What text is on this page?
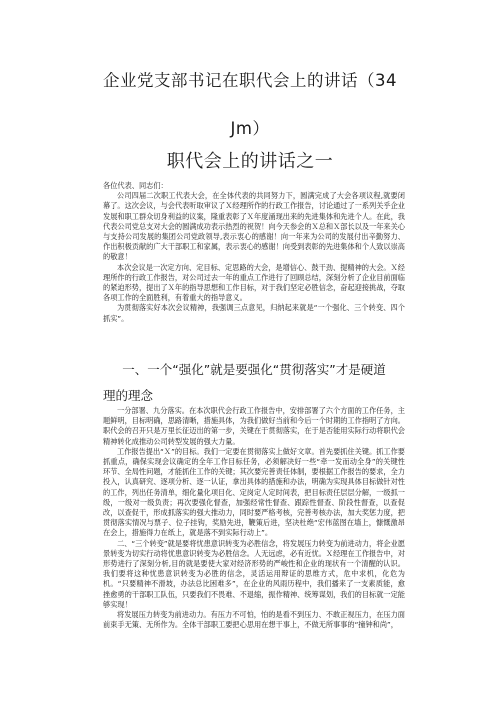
企业党支部书记在职代会上的讲话（34
Jm）
职代会上的讲话之一

各位代表、同志们：

公司四届二次职工代表大会，在全体代表的共同努力下，圆满完成了大会各项议程,就要闭幕了。这次会议，与会代表听取审议了Ｘ经理所作的行政工作报告，讨论通过了一系列关乎企业发展和职工群众切身利益的议案，隆重表彰了Ｘ年度涌现出来的先进集体和先进个人。在此，我代表公司党总支对大会的圆满成功表示热烈的祝贺！向今天参会的Ｘ总和Ｘ部长以及一年来关心与支持公司发展的集团公司党政领导,表示衷心的感谢！向一年来为公司的发展付出辛勤努力、作出积极贡献的广大干部职工和家属，表示衷心的感谢！向受到表彰的先进集体和个人致以崇高的敬意！

本次会议是一次定方向、定目标、定思路的大会，是增信心、鼓干劲、提精神的大会。Ｘ经理所作的行政工作报告，对公司过去一年的重点工作进行了回顾总结，深刻分析了企业目前面临的紧迫形势，提出了Ｘ年的指导思想和工作目标，对于我们坚定必胜信念，奋起迎接挑战，夺取各项工作的全面胜利，有着重大的指导意义。

为贯彻落实好本次会议精神，我强调三点意见，归纳起来就是“一个强化、三个转变、四个抓实”。

一、一个“强化”就是要强化“贯彻落实”才是硬道
理的理念

一分部署、九分落实。在本次职代会行政工作报告中，安排部署了六个方面的工作任务，主题鲜明，目标明确，思路清晰，措施具体，为我们做好当前和今后一个时期的工作指明了方向。职代会的召开只是万里长征迈出的第一步，关键在于贯彻落实，在于是否能用实际行动将职代会精神转化成推动公司转型发展的强大力量。

工作报告提出“Ｘ”的目标。我们一定要在贯彻落实上做好文章。首先要抓住关键。抓工作要抓重点，确保实现会议确定的全年工作目标任务，必须解决好一些“牵一发而动全身”的关键性环节、全局性问题，才能抓住工作的关键；其次要完善责任体制，要根据工作报告的要求，全力投入，认真研究、逐项分析、逐一认证，拿出具体的措施和办法，明确为实现具体目标做针对性的工作，列出任务清单，细化量化项目化、定岗定人定时间表，把目标责任层层分解，一级抓一级，一级对一级负责；再次要强化督查，加强经常性督查、跟踪性督查、阶段性督查，以查促改，以查促干，形成抓落实的强大推动力，同时要严格考核，完善考核办法，加大奖惩力度，把贯彻落实情况与票子、位子挂钩，奖励先进，鞭策后进，坚决杜绝“宏伟蓝图在墙上，慷慨激昂在会上，措施得力在纸上，就是落不到实际行动上”。

二、“三个转变”就是要将忧患意识转变为必胜信念，将发展压力转变为前进动力，将企业愿景转变为切实行动将忧患意识转变为必胜信念。人无远虑，必有近忧。Ｘ经理在工作报告中，对形势进行了深刻分析,目的就是要使大家对经济形势的严峻性和企业的现状有一个清醒的认识。我们要将这种忧患意识转变为必胜的信念，灵活运用辩证的思维方式，危中求机，化危为机。“只要精神不滑坡，办法总比困难多”，在企业的风雨历程中，我们播来了一支素质能，愈挫愈勇的干部职工队伍，只要我们不畏难、不退缩，振作精神、统筹谋划，我们的目标就一定能够实现！

将发展压力转变为前进动力。有压力不可怕，怕的是看不到压力、不敢正视压力，在压力面前束手无策、无所作为。全体干部职工要把心思用在想干事上，不做无所事事的“撞钟和尚”，
